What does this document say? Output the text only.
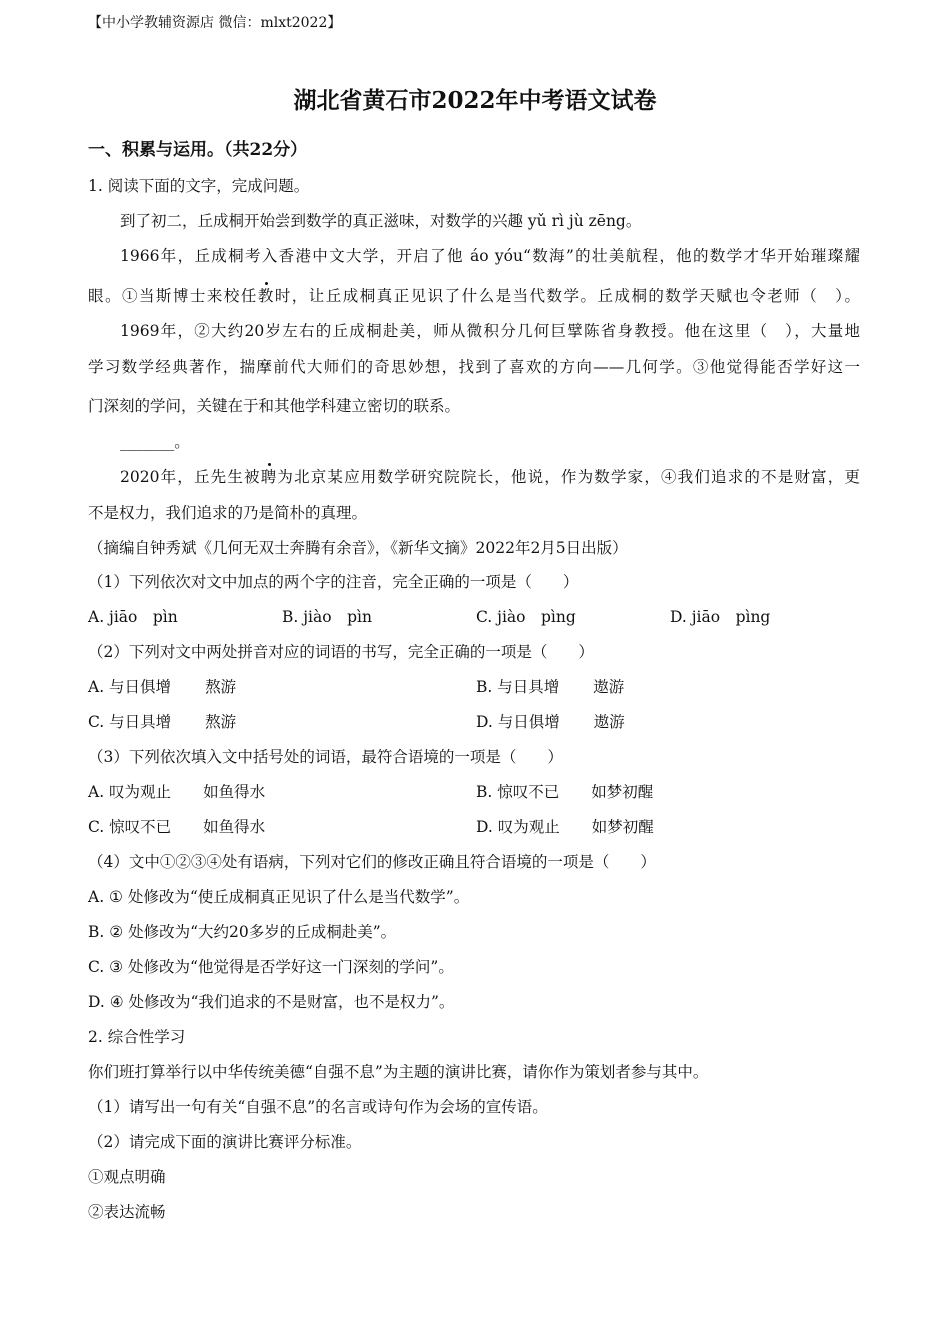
【中小学教辅资源店 微信：mlxt2022】
湖北省黄石市2022年中考语文试卷
一、积累与运用。（共22分）
1. 阅读下面的文字，完成问题。
到了初二，丘成桐开始尝到数学的真正滋味，对数学的兴趣 yǔ rì jù zēng。
1966年，丘成桐考入香港中文大学，开启了他 áo yóu“数海”的壮美航程，他的数学才华开始璀璨耀
眼。①当斯博士来校任教时，让丘成桐真正见识了什么是当代数学。丘成桐的数学天赋也令老师（　）。
1969年，②大约20岁左右的丘成桐赴美，师从微积分几何巨擘陈省身教授。他在这里（　），大量地
学习数学经典著作，揣摩前代大师们的奇思妙想，找到了喜欢的方向——几何学。③他觉得能否学好这一
门深刻的学问，关键在于和其他学科建立密切的联系。
_______。
2020年，丘先生被聘为北京某应用数学研究院院长，他说，作为数学家，④我们追求的不是财富，更
不是权力，我们追求的乃是简朴的真理。
（摘编自钟秀斌《几何无双士奔腾有余音》，《新华文摘》2022年2月5日出版）
（1）下列依次对文中加点的两个字的注音，完全正确的一项是（　　）
A. jiāo　pìn	B. jiào　pìn	C. jiào　pìng	D. jiāo　pìng
（2）下列对文中两处拼音对应的词语的书写，完全正确的一项是（　　）
A. 与日俱增 熬游	B. 与日具增 遨游
C. 与日具增 熬游	D. 与日俱增 遨游
（3）下列依次填入文中括号处的词语，最符合语境的一项是（　　）
A. 叹为观止 如鱼得水	B. 惊叹不已 如梦初醒
C. 惊叹不已 如鱼得水	D. 叹为观止 如梦初醒
（4）文中①②③④处有语病，下列对它们的修改正确且符合语境的一项是（　　）
A. ① 处修改为“使丘成桐真正见识了什么是当代数学”。
B. ② 处修改为“大约20多岁的丘成桐赴美”。
C. ③ 处修改为“他觉得是否学好这一门深刻的学问”。
D. ④ 处修改为“我们追求的不是财富，也不是权力”。
2. 综合性学习
你们班打算举行以中华传统美德“自强不息”为主题的演讲比赛，请你作为策划者参与其中。
（1）请写出一句有关“自强不息”的名言或诗句作为会场的宣传语。
（2）请完成下面的演讲比赛评分标准。
①观点明确
②表达流畅
